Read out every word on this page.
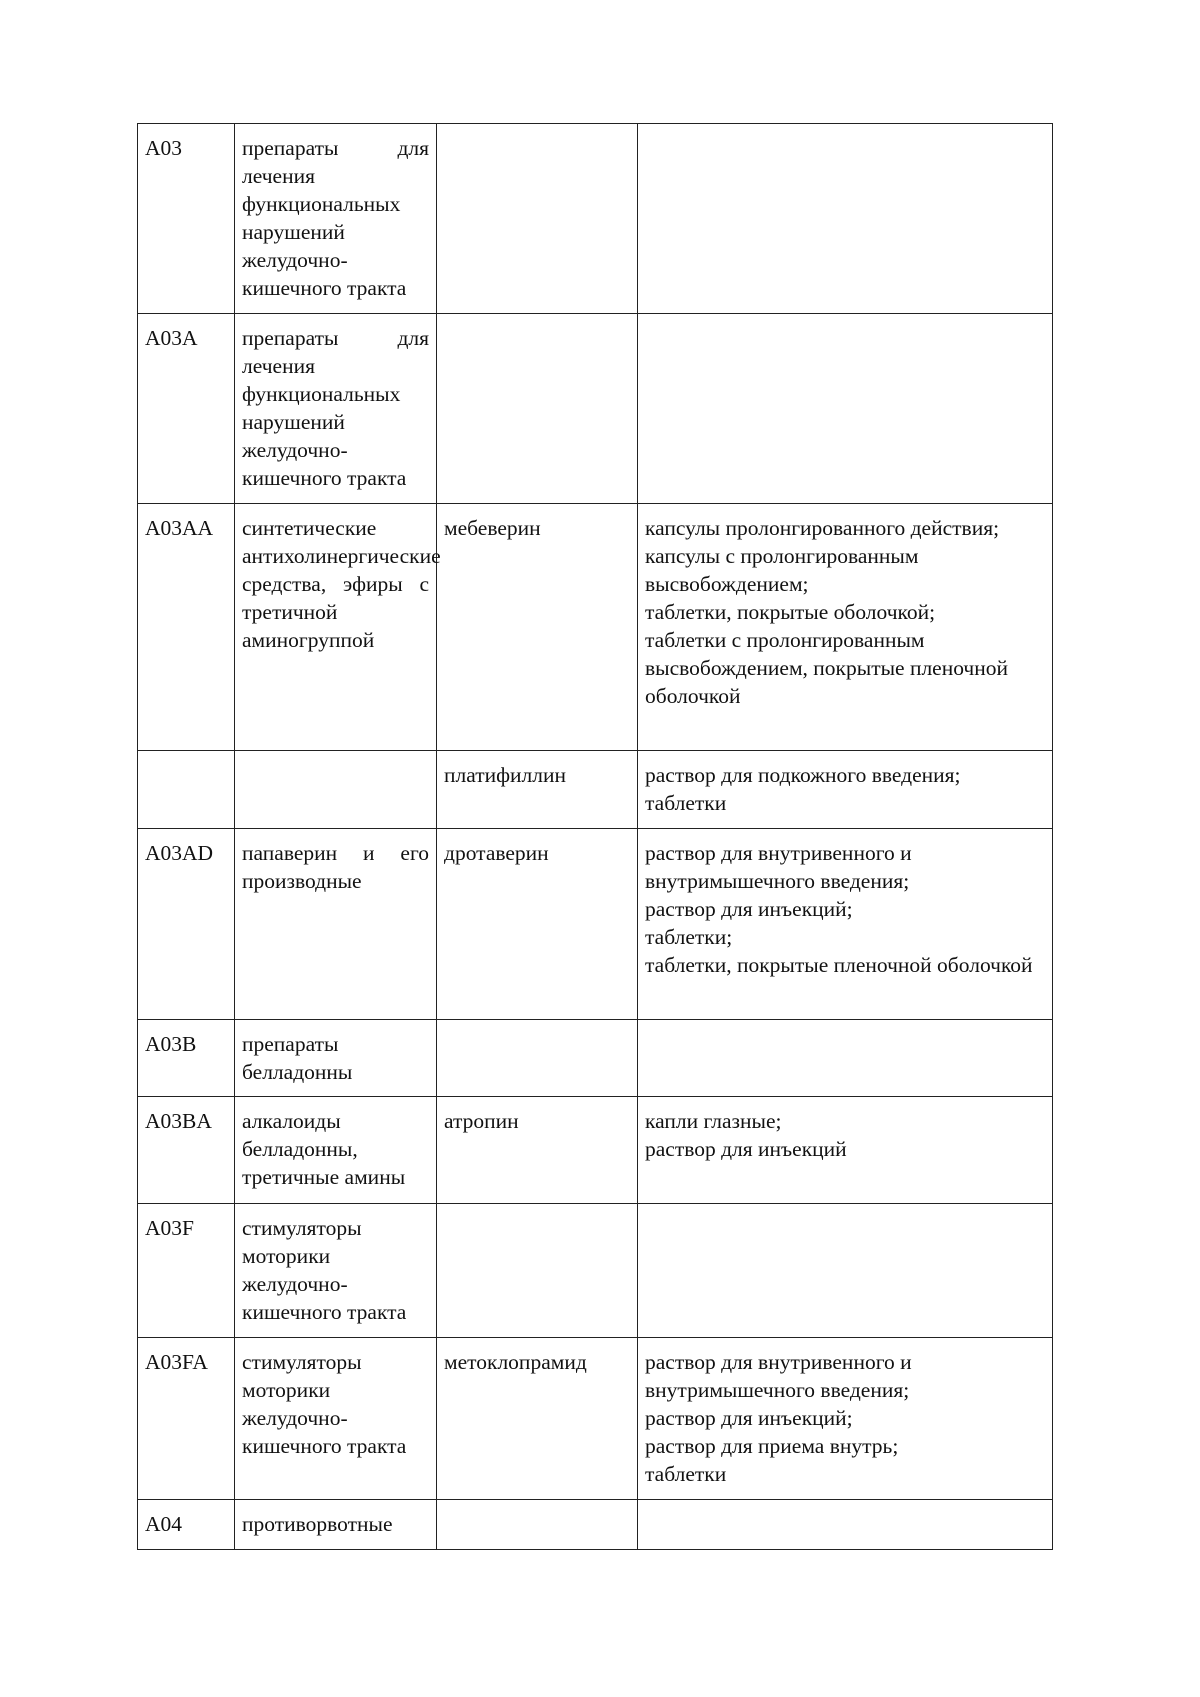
A03	препараты для лечения функциональных нарушений желудочно-кишечного тракта		
A03A	препараты для лечения функциональных нарушений желудочно-кишечного тракта		
A03AA	синтетические антихолинергические средства, эфиры с третичной аминогруппой	мебеверин	капсулы пролонгированного действия;
капсулы с пролонгированным высвобождением;
таблетки, покрытые оболочкой;
таблетки с пролонгированным высвобождением, покрытые пленочной оболочкой

		платифиллин	раствор для подкожного введения;
таблетки

A03AD	папаверин и его производные	дротаверин	раствор для внутривенного и внутримышечного введения;
раствор для инъекций;
таблетки;
таблетки, покрытые пленочной оболочкой

A03B	препараты белладонны		
A03BA	алкалоиды белладонны, третичные амины	атропин	капли глазные;
раствор для инъекций

A03F	стимуляторы моторики желудочно-кишечного тракта		
A03FA	стимуляторы моторики желудочно-кишечного тракта	метоклопрамид	раствор для внутривенного и внутримышечного введения;
раствор для инъекций;
раствор для приема внутрь;
таблетки

A04	противорвотные		
